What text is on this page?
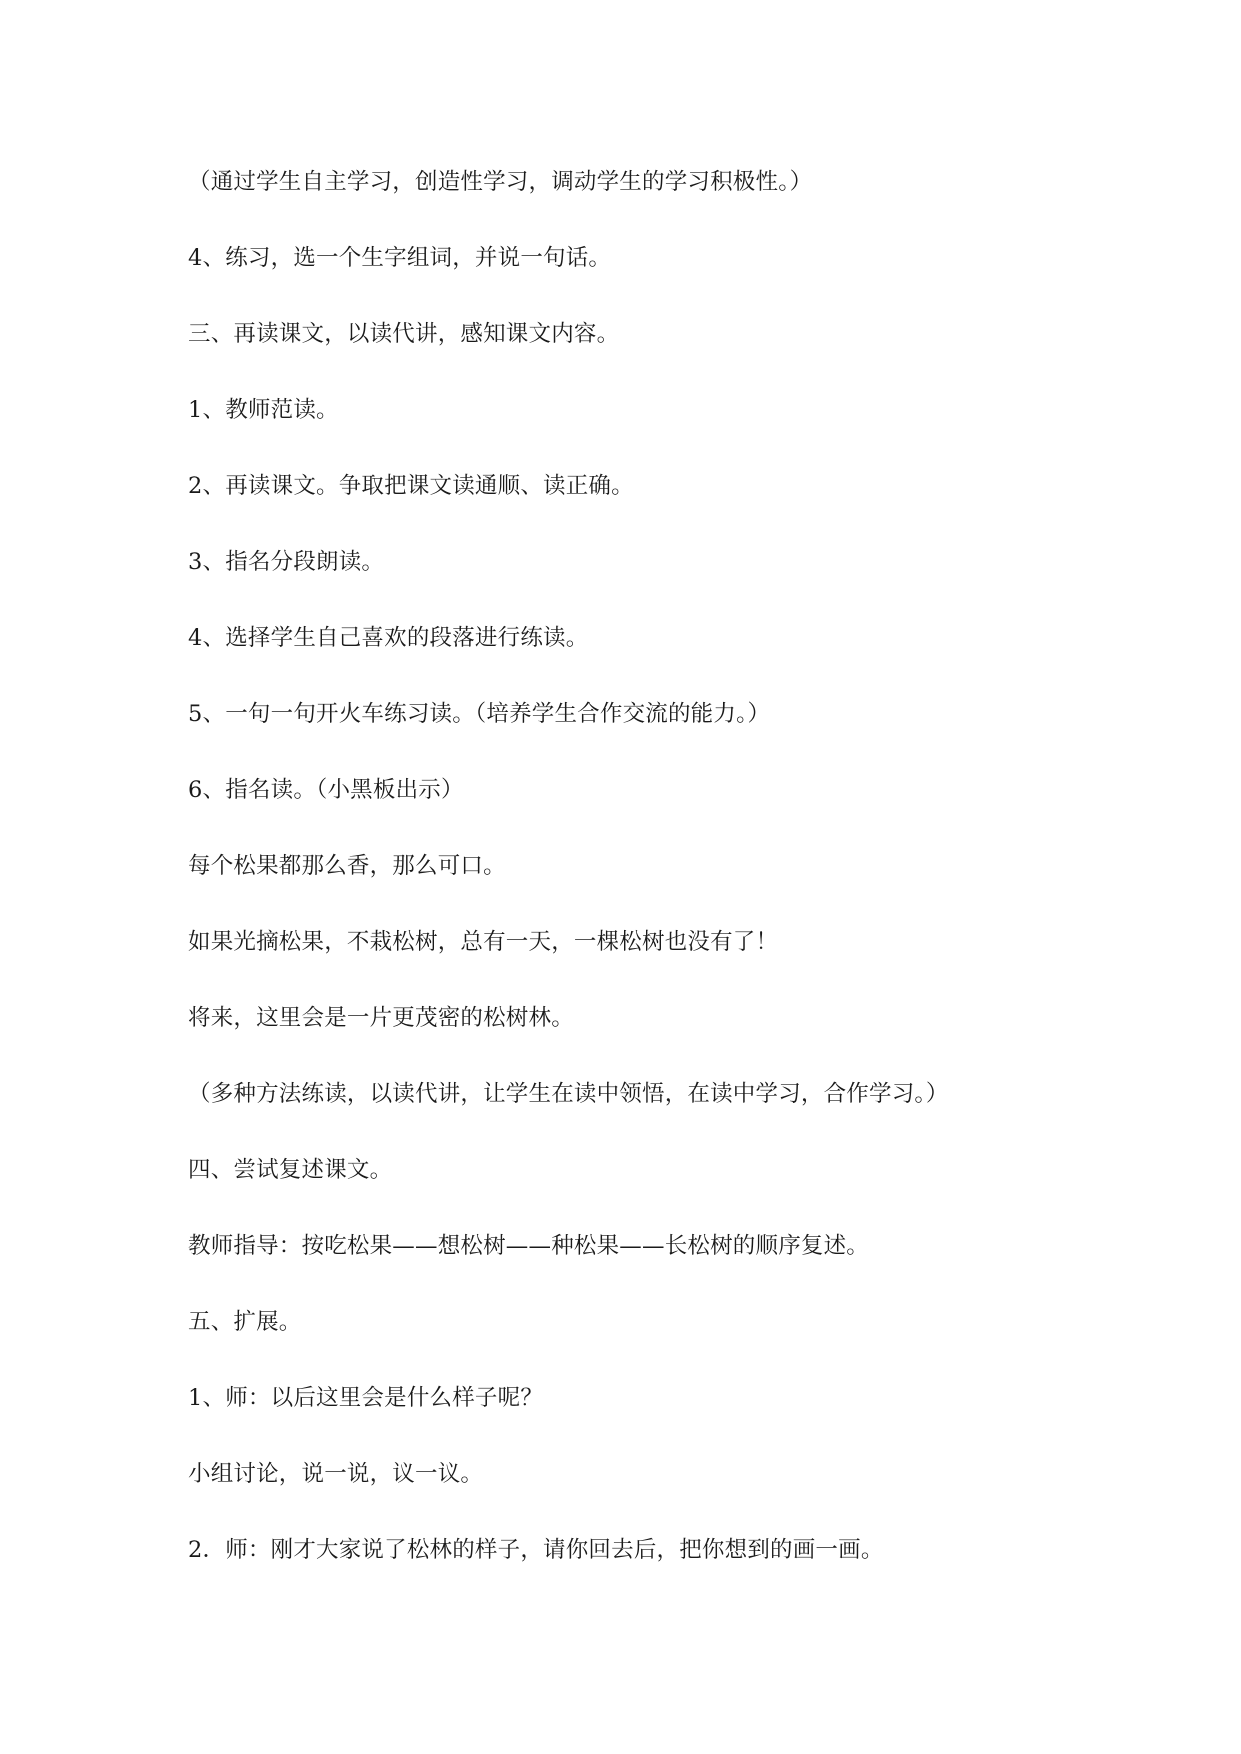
（通过学生自主学习，创造性学习，调动学生的学习积极性。）

4、练习，选一个生字组词，并说一句话。

三、再读课文，以读代讲，感知课文内容。

1、教师范读。

2、再读课文。争取把课文读通顺、读正确。

3、指名分段朗读。

4、选择学生自己喜欢的段落进行练读。

5、一句一句开火车练习读。（培养学生合作交流的能力。）

6、指名读。（小黑板出示）

每个松果都那么香，那么可口。

如果光摘松果，不栽松树，总有一天，一棵松树也没有了！

将来，这里会是一片更茂密的松树林。

（多种方法练读，以读代讲，让学生在读中领悟，在读中学习，合作学习。）

四、尝试复述课文。

教师指导：按吃松果——想松树——种松果——长松树的顺序复述。

五、扩展。

1、师：以后这里会是什么样子呢？

小组讨论，说一说，议一议。

2．师：刚才大家说了松林的样子，请你回去后，把你想到的画一画。
